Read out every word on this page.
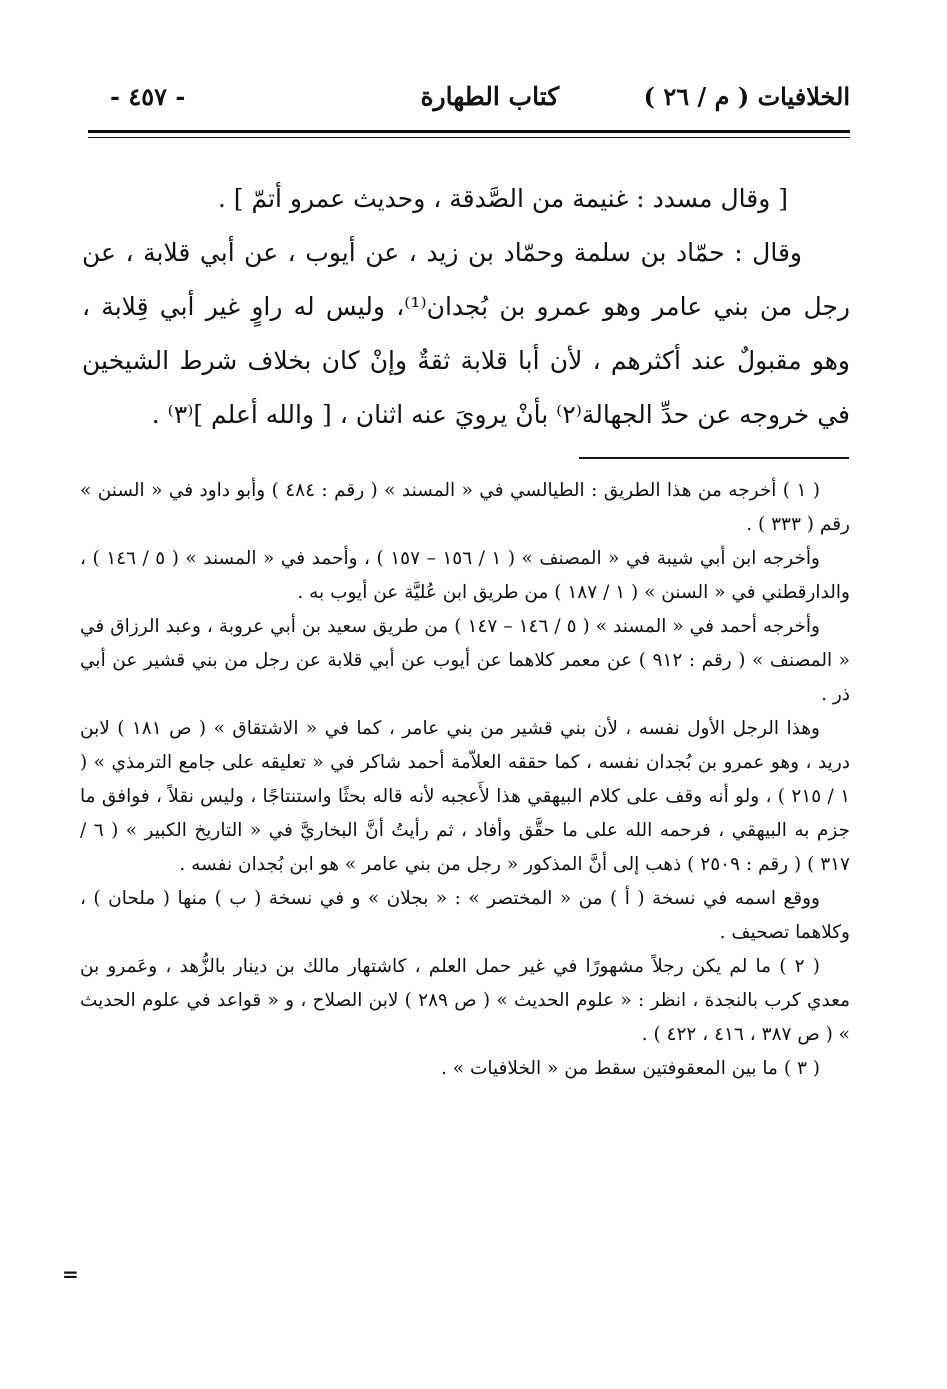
الخلافيات ( م / ٢٦ )
كتاب الطهارة
- ٤٥٧ -

[ وقال مسدد : غنيمة من الصَّدقة ، وحديث عمرو أتمّ ] .

وقال : حمّاد بن سلمة وحمّاد بن زيد ، عن أيوب ، عن أبي قلابة ، عن رجل من بني عامر وهو عمرو بن بُجدان⁽¹⁾، وليس له راوٍ غير أبي قِلابة ، وهو مقبولٌ عند أكثرهم ، لأن أبا قلابة ثقةٌ وإنْ كان بخلاف شرط الشيخين في خروجه عن حدِّ الجهالة⁽٢⁾ بأنْ يرويَ عنه اثنان ، [ والله أعلم ]⁽٣⁾ .

( ١ ) أخرجه من هذا الطريق : الطيالسي في « المسند » ( رقم : ٤٨٤ ) وأبو داود في « السنن » رقم ( ٣٣٣ ) .

وأخرجه ابن أبي شيبة في « المصنف » ( ١ / ١٥٦ – ١٥٧ ) ، وأحمد في « المسند » ( ٥ / ١٤٦ ) ، والدارقطني في « السنن » ( ١ / ١٨٧ ) من طريق ابن عُليَّة عن أيوب به .

وأخرجه أحمد في « المسند » ( ٥ / ١٤٦ – ١٤٧ ) من طريق سعيد بن أبي عروبة ، وعبد الرزاق في « المصنف » ( رقم : ٩١٢ ) عن معمر كلاهما عن أيوب عن أبي قلابة عن رجل من بني قشير عن أبي ذر .

وهذا الرجل الأول نفسه ، لأن بني قشير من بني عامر ، كما في « الاشتقاق » ( ص ١٨١ ) لابن دريد ، وهو عمرو بن بُجدان نفسه ، كما حققه العلاّمة أحمد شاكر في « تعليقه على جامع الترمذي » ( ١ / ٢١٥ ) ، ولو أنه وقف على كلام البيهقي هذا لأَعجبه لأنه قاله بحثًا واستنتاجًا ، وليس نقلاً ، فوافق ما جزم به البيهقي ، فرحمه الله على ما حقَّق وأفاد ، ثم رأيتُ أنَّ البخاريَّ في « التاريخ الكبير » ( ٦ / ٣١٧ ) ( رقم : ٢٥٠٩ ) ذهب إلى أنَّ المذكور « رجل من بني عامر » هو ابن بُجدان نفسه .

ووقع اسمه في نسخة ( أ ) من « المختصر » : « بجلان » و في نسخة ( ب ) منها ( ملحان ) ، وكلاهما تصحيف .

( ٢ ) ما لم يكن رجلاً مشهورًا في غير حمل العلم ، كاشتهار مالك بن دينار بالزُّهد ، وعَمرو بن معدي كرب بالنجدة ، انظر : « علوم الحديث » ( ص ٢٨٩ ) لابن الصلاح ، و « قواعد في علوم الحديث » ( ص ٣٨٧ ، ٤١٦ ، ٤٢٢ ) .

( ٣ ) ما بين المعقوفتين سقط من « الخلافيات » .

=
